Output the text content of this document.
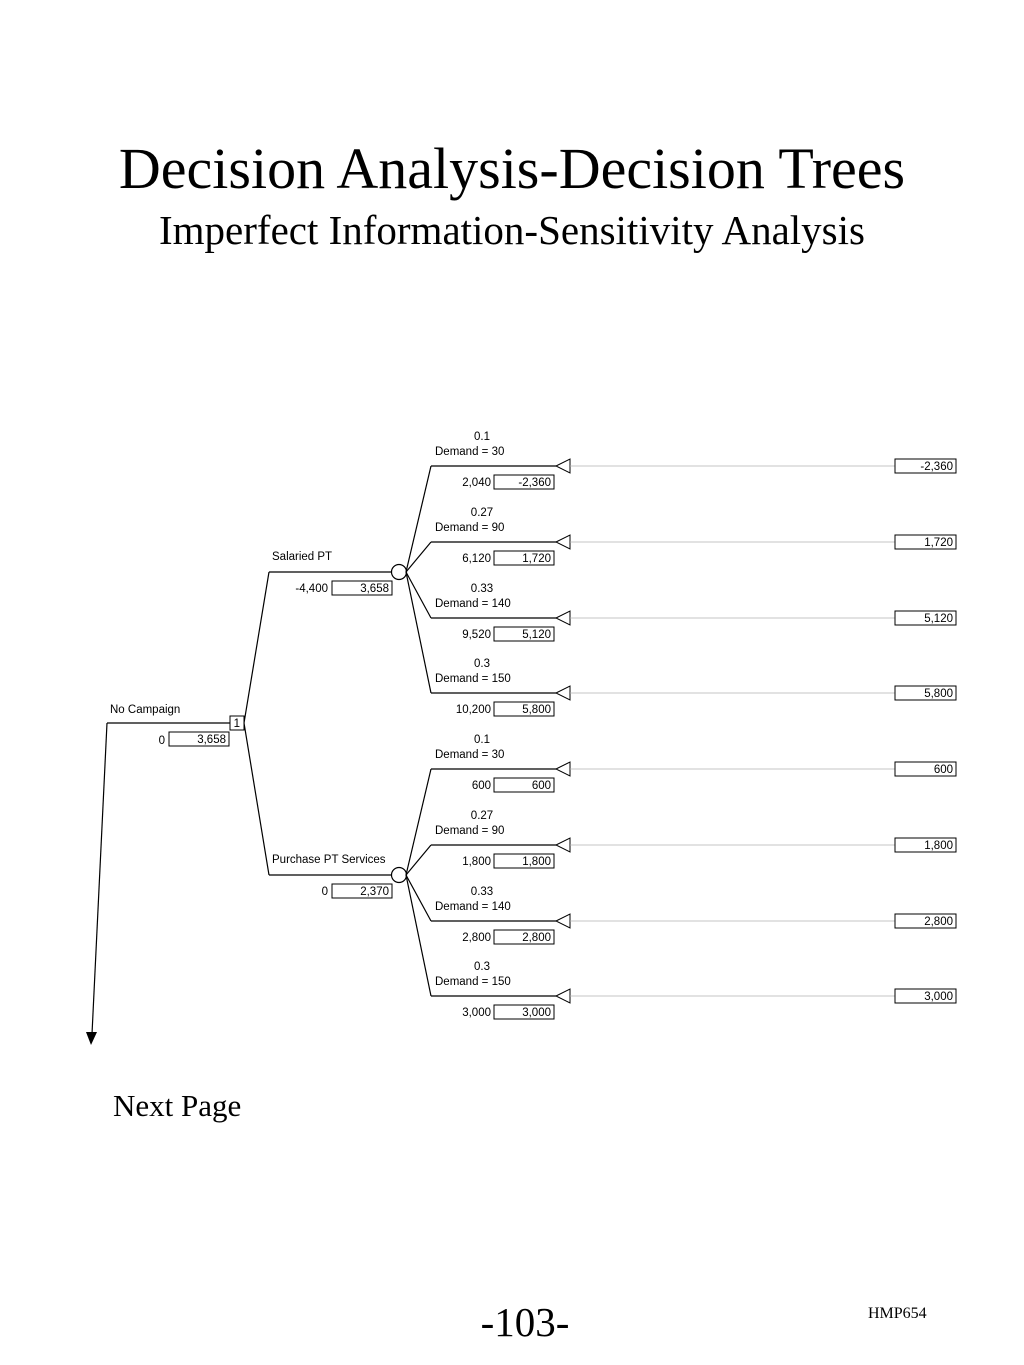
Decision Analysis-Decision Trees
Imperfect Information-Sensitivity Analysis
No Campaign
0	3,658
1
Salaried PT
-4,400	3,658
0.1
Demand = 30
2,040 -2,360
-2,360
0.27
Demand = 90
6,120	1,720
1,720
0.33
Demand = 140
9,520	5,120
5,120
0.3
Demand = 150
10,200	5,800
5,800
Purchase PT Services
0	2,370
0.1
Demand = 30
600	600
600
0.27
Demand = 90
1,800	1,800
1,800
0.33
Demand = 140
2,800	2,800
2,800
0.3
Demand = 150
3,000	3,000
3,000
Next Page
-103-	HMP654
